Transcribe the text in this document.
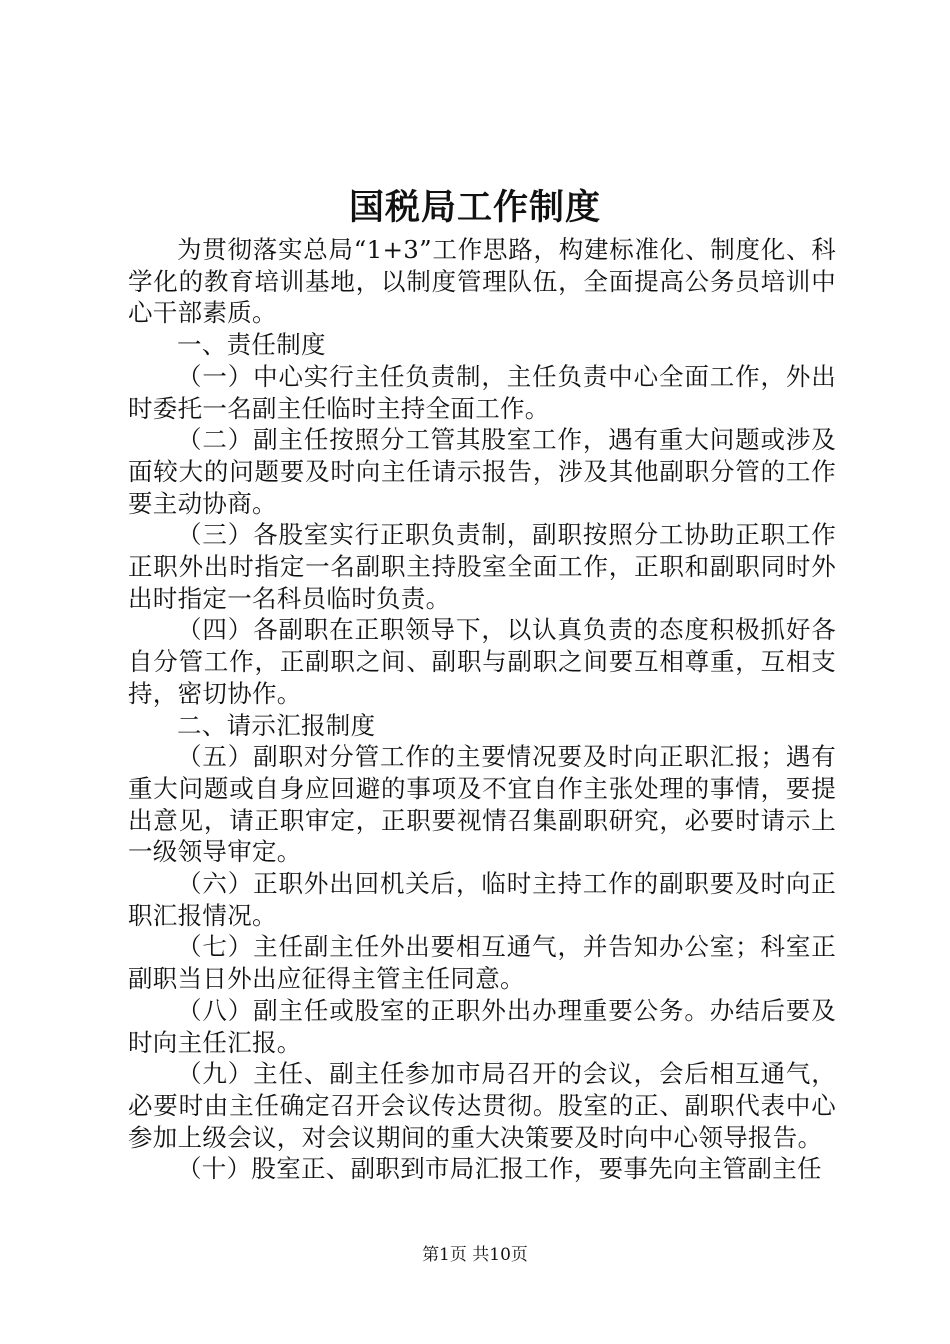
国税局工作制度

为贯彻落实总局“1+3”工作思路，构建标准化、制度化、科学化的教育培训基地，以制度管理队伍，全面提高公务员培训中心干部素质。

一、责任制度

（一）中心实行主任负责制，主任负责中心全面工作，外出时委托一名副主任临时主持全面工作。

（二）副主任按照分工管其股室工作，遇有重大问题或涉及面较大的问题要及时向主任请示报告，涉及其他副职分管的工作要主动协商。

（三）各股室实行正职负责制，副职按照分工协助正职工作正职外出时指定一名副职主持股室全面工作，正职和副职同时外出时指定一名科员临时负责。

（四）各副职在正职领导下，以认真负责的态度积极抓好各自分管工作，正副职之间、副职与副职之间要互相尊重，互相支持，密切协作。

二、请示汇报制度

（五）副职对分管工作的主要情况要及时向正职汇报；遇有重大问题或自身应回避的事项及不宜自作主张处理的事情，要提出意见，请正职审定，正职要视情召集副职研究，必要时请示上一级领导审定。

（六）正职外出回机关后，临时主持工作的副职要及时向正职汇报情况。

（七）主任副主任外出要相互通气，并告知办公室；科室正副职当日外出应征得主管主任同意。

（八）副主任或股室的正职外出办理重要公务。办结后要及时向主任汇报。

（九）主任、副主任参加市局召开的会议，会后相互通气，必要时由主任确定召开会议传达贯彻。股室的正、副职代表中心参加上级会议，对会议期间的重大决策要及时向中心领导报告。

（十）股室正、副职到市局汇报工作，要事先向主管副主任

第1页 共10页
